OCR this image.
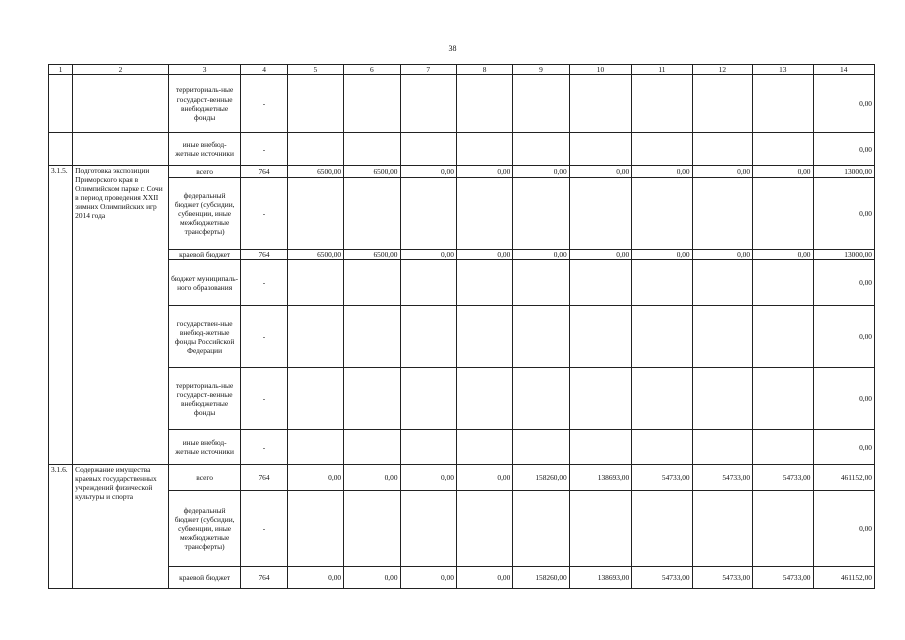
38
1	2	3	4	5	6	7	8	9	10	11	12	13	14
		территориаль-ные государст-венные внебюджетные фонды	-										0,00
		иные внебюд-жетные источники	-										0,00
3.1.5.	Подготовка экспозиции Приморского края в Олимпийском парке г. Сочи в период проведения XXII зимних Олимпийских игр 2014 года	всего	764	6500,00	6500,00	0,00	0,00	0,00	0,00	0,00	0,00	0,00	13000,00
		федеральный бюджет (субсидии, субвенции, иные межбюджетные трансферты)	-										0,00
		краевой бюджет	764	6500,00	6500,00	0,00	0,00	0,00	0,00	0,00	0,00	0,00	13000,00
		бюджет муниципаль-ного образования	-										0,00
		государствен-ные внебюд-жетные фонды Российской Федерации	-										0,00
		территориаль-ные государст-венные внебюджетные фонды	-										0,00
		иные внебюд-жетные источники	-										0,00
3.1.6.	Содержание имущества краевых государственных учреждений физической культуры и спорта	всего	764	0,00	0,00	0,00	0,00	158260,00	138693,00	54733,00	54733,00	54733,00	461152,00
		федеральный бюджет (субсидии, субвенции, иные межбюджетные трансферты)	-										0,00
		краевой бюджет	764	0,00	0,00	0,00	0,00	158260,00	138693,00	54733,00	54733,00	54733,00	461152,00
